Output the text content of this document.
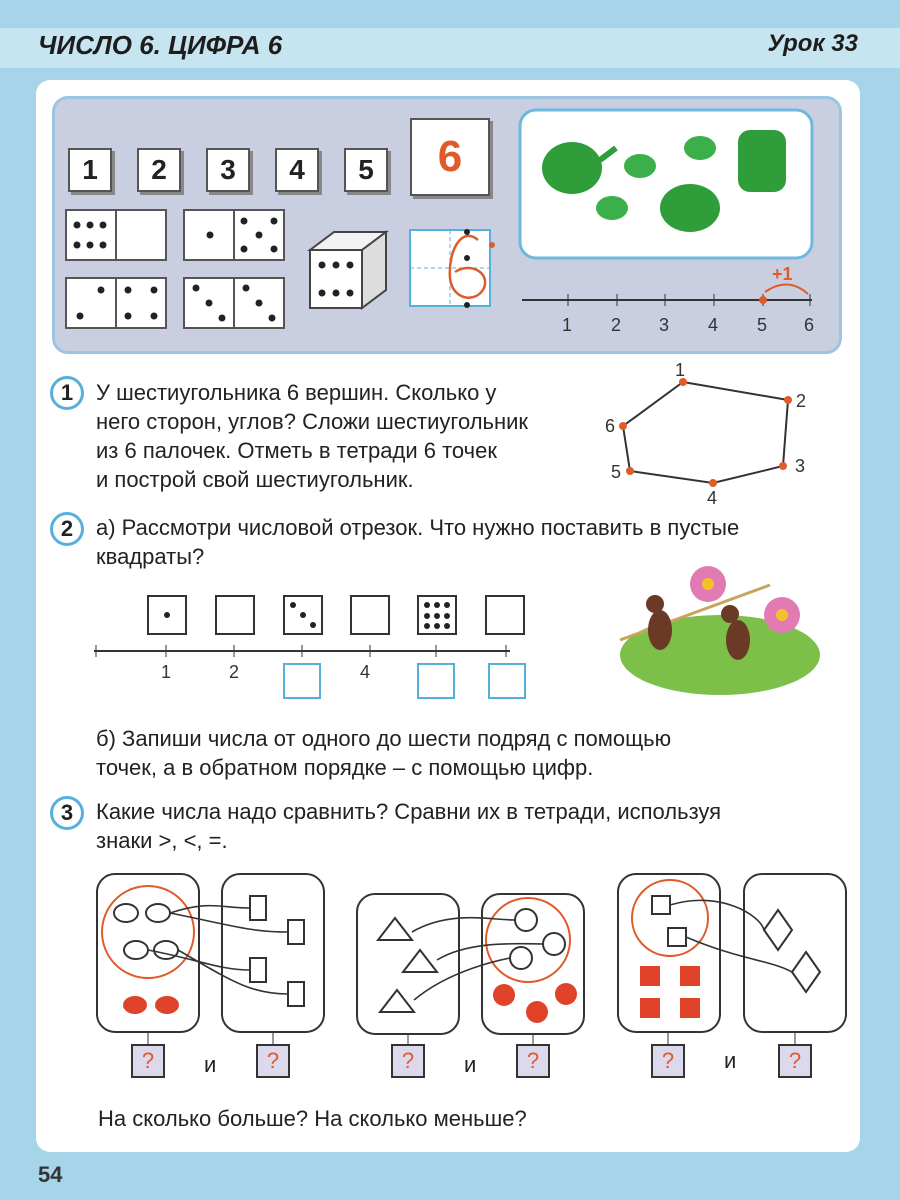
ЧИСЛО 6. ЦИФРА 6	Урок 33
1	2	3	4	5	6
1 2 3 4 5 6
+1
1	У шестиугольника 6 вершин. Сколько у
него сторон, углов? Сложи шестиугольник
из 6 палочек. Отметь в тетради 6 точек
и построй свой шестиугольник.
1
2
3
4
5
6
2	а) Рассмотри числовой отрезок. Что нужно поставить в пустые
квадраты?
1	2	4
б) Запиши числа от одного до шести подряд с помощью
точек, а в обратном порядке – с помощью цифр.
3	Какие числа надо сравнить? Сравни их в тетради, используя
знаки >, <, =.
?	и	?	?	и	?	?	и	?
На сколько больше? На сколько меньше?
54
